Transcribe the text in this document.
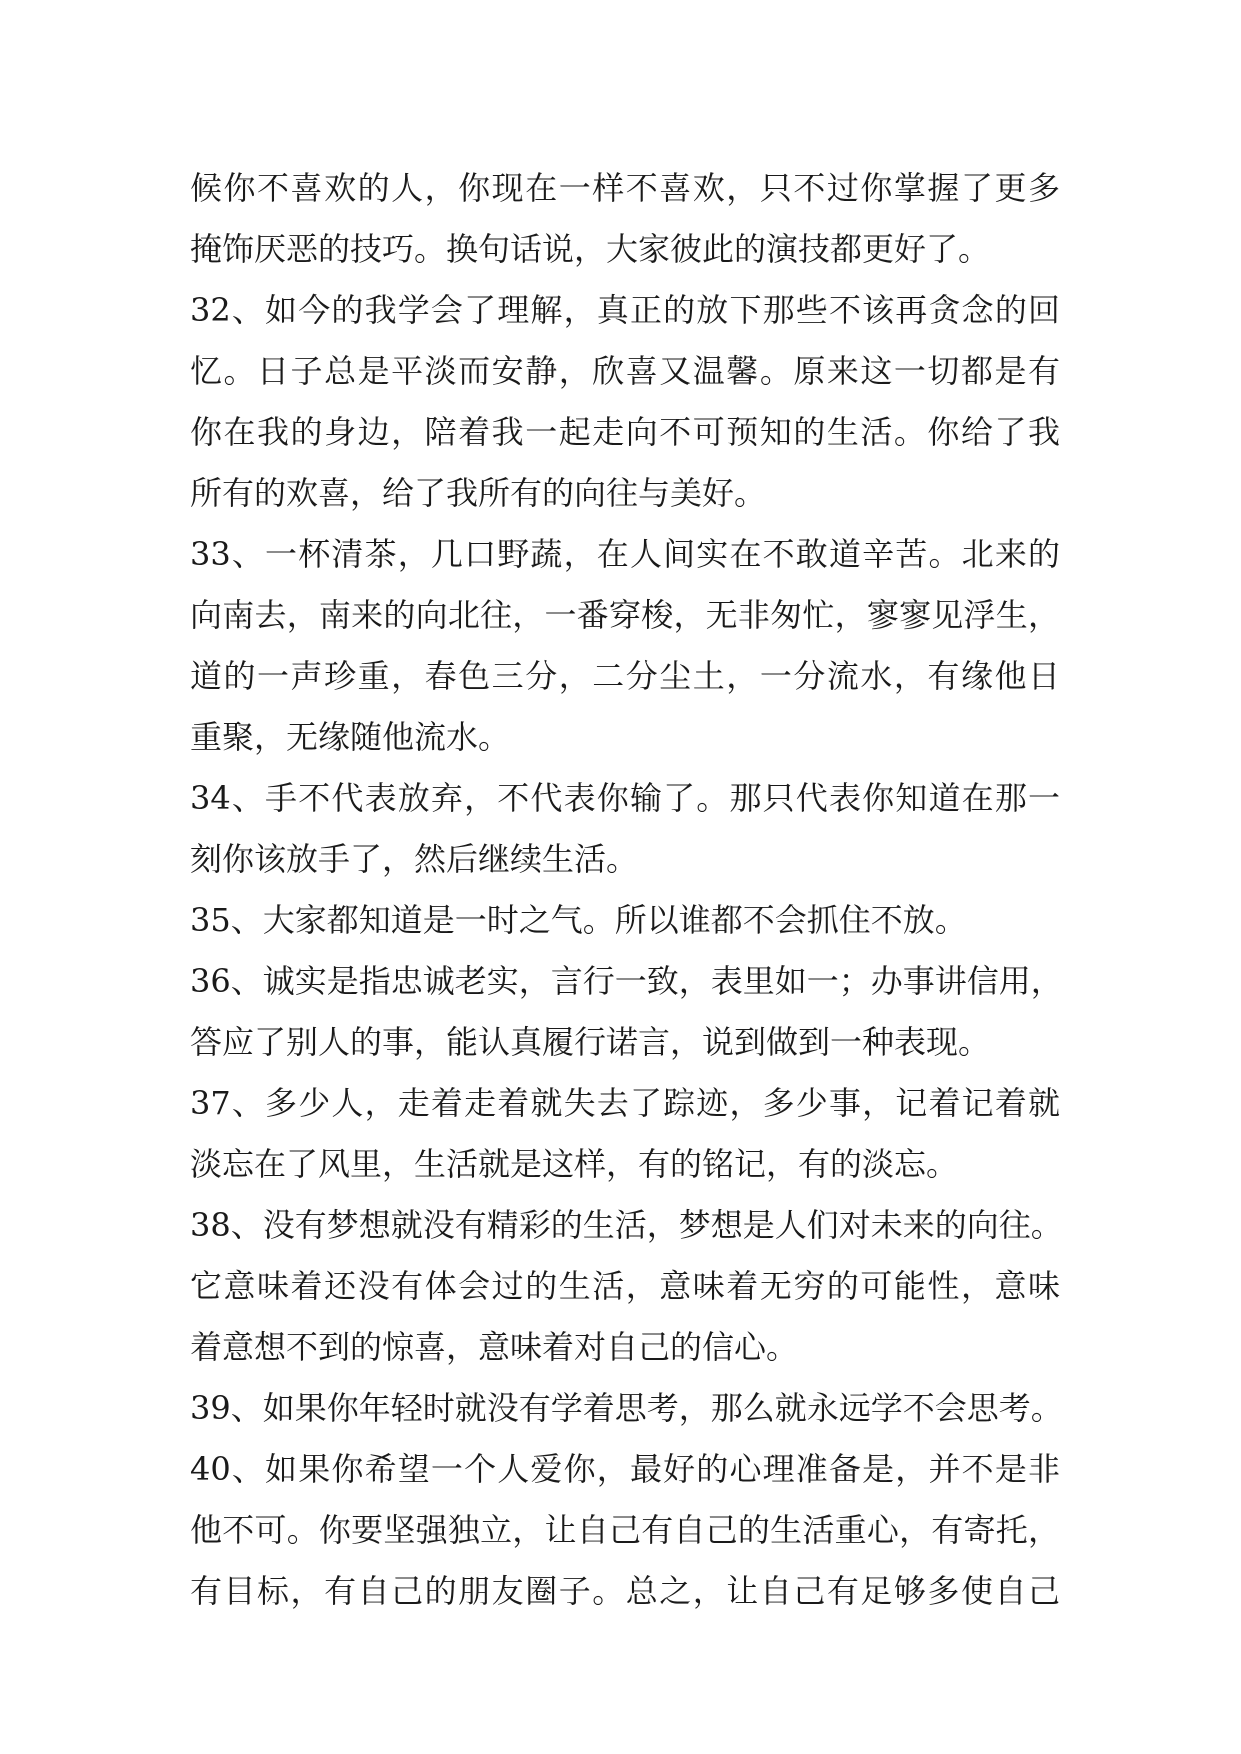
候你不喜欢的人，你现在一样不喜欢，只不过你掌握了更多
掩饰厌恶的技巧。换句话说，大家彼此的演技都更好了。
32、如今的我学会了理解，真正的放下那些不该再贪念的回
忆。日子总是平淡而安静，欣喜又温馨。原来这一切都是有
你在我的身边，陪着我一起走向不可预知的生活。你给了我
所有的欢喜，给了我所有的向往与美好。
33、一杯清茶，几口野蔬，在人间实在不敢道辛苦。北来的
向南去，南来的向北往，一番穿梭，无非匆忙，寥寥见浮生，
道的一声珍重，春色三分，二分尘土，一分流水，有缘他日
重聚，无缘随他流水。
34、手不代表放弃，不代表你输了。那只代表你知道在那一
刻你该放手了，然后继续生活。
35、大家都知道是一时之气。所以谁都不会抓住不放。
36、诚实是指忠诚老实，言行一致，表里如一；办事讲信用，
答应了别人的事，能认真履行诺言，说到做到一种表现。
37、多少人，走着走着就失去了踪迹，多少事，记着记着就
淡忘在了风里，生活就是这样，有的铭记，有的淡忘。
38、没有梦想就没有精彩的生活，梦想是人们对未来的向往。
它意味着还没有体会过的生活，意味着无穷的可能性，意味
着意想不到的惊喜，意味着对自己的信心。
39、如果你年轻时就没有学着思考，那么就永远学不会思考。
40、如果你希望一个人爱你，最好的心理准备是，并不是非
他不可。你要坚强独立，让自己有自己的生活重心，有寄托，
有目标，有自己的朋友圈子。总之，让自己有足够多使自己
